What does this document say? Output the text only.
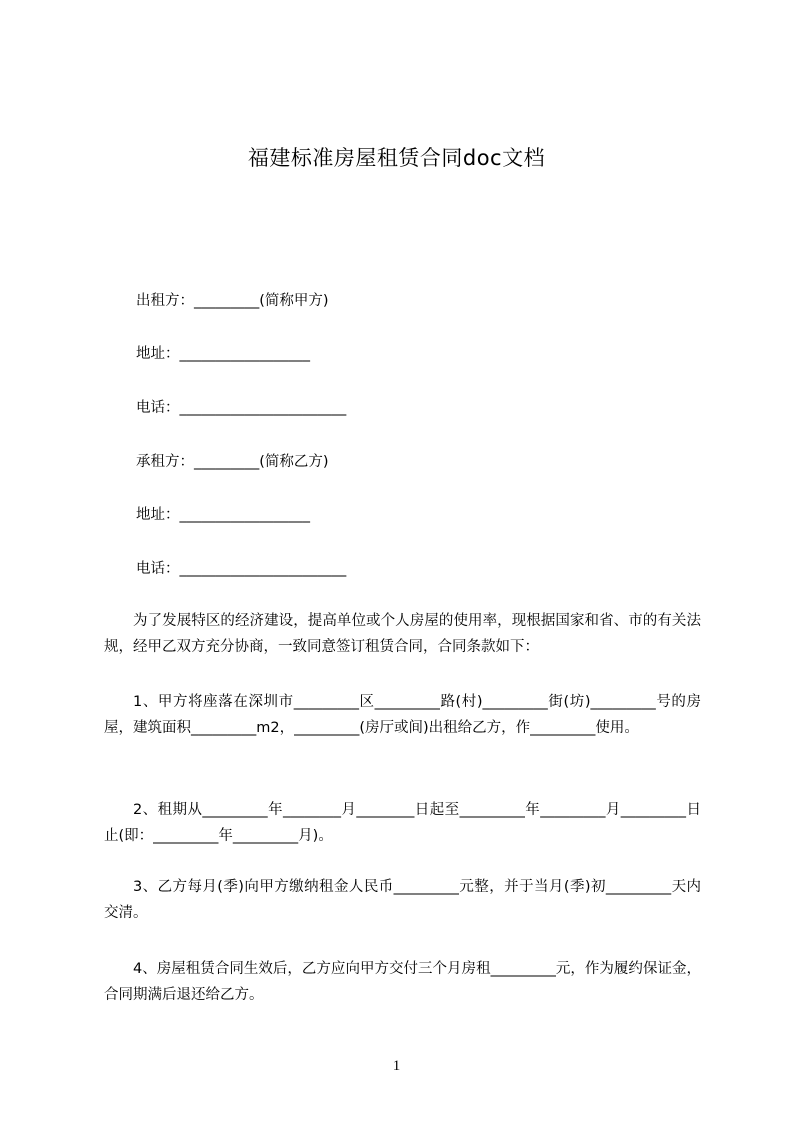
福建标准房屋租赁合同doc文档

出租方：_________(简称甲方)

地址：__________________

电话：_______________________

承租方：_________(简称乙方)

地址：__________________

电话：_______________________

为了发展特区的经济建设，提高单位或个人房屋的使用率，现根据国家和省、市的有关法规，经甲乙双方充分协商，一致同意签订租赁合同，合同条款如下：

1、甲方将座落在深圳市_________区_________路(村)_________街(坊)_________号的房屋，建筑面积_________m2，_________(房厅或间)出租给乙方，作_________使用。

2、租期从_________年________月________日起至_________年_________月_________日止(即：_________年_________月)。

3、乙方每月(季)向甲方缴纳租金人民币_________元整，并于当月(季)初_________天内交清。

4、房屋租赁合同生效后，乙方应向甲方交付三个月房租_________元，作为履约保证金，合同期满后退还给乙方。

1
